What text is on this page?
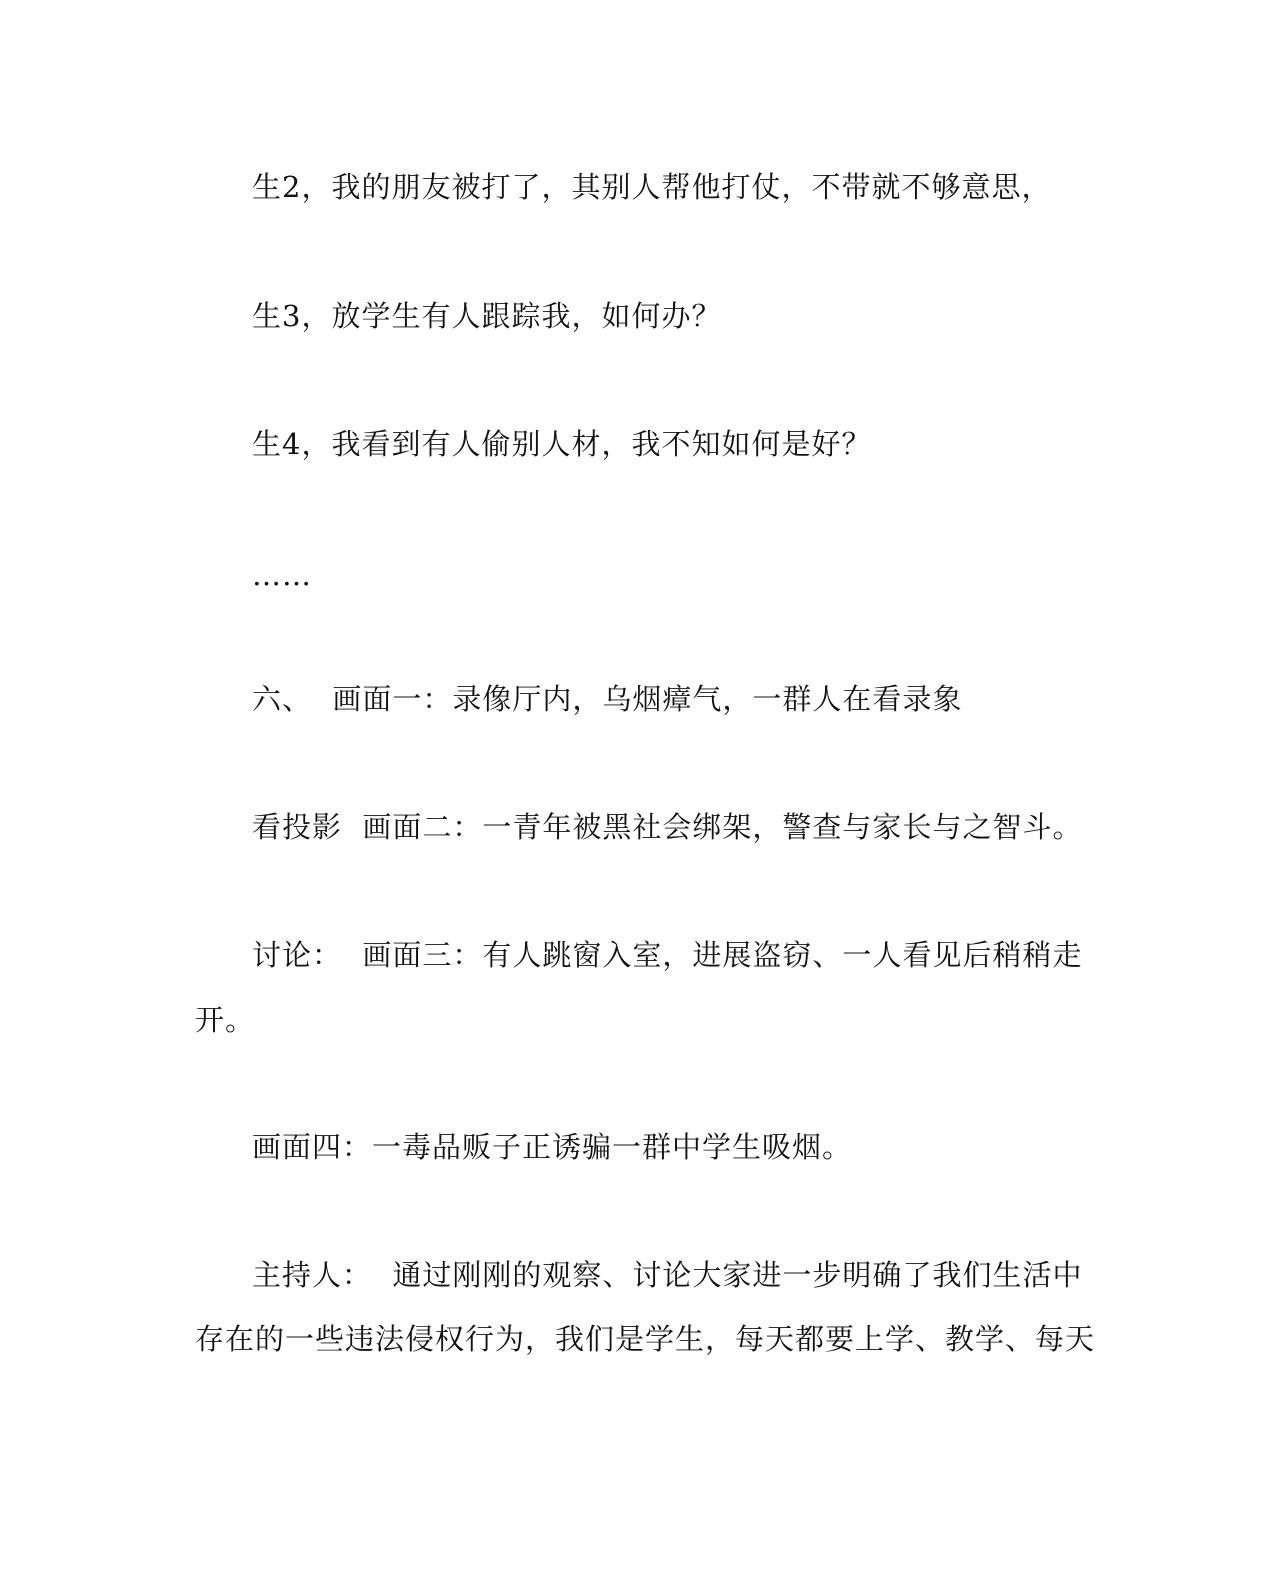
生2，我的朋友被打了，其别人帮他打仗，不带就不够意思，
生3，放学生有人跟踪我，如何办？
生4，我看到有人偷别人材，我不知如何是好？
……
六、  画面一：录像厅内，乌烟瘴气，一群人在看录象
看投影  画面二：一青年被黑社会绑架，警查与家长与之智斗。
讨论：  画面三：有人跳窗入室，进展盗窃、一人看见后稍稍走
开。
画面四：一毒品贩子正诱骗一群中学生吸烟。
主持人：  通过刚刚的观察、讨论大家进一步明确了我们生活中
存在的一些违法侵权行为，我们是学生，每天都要上学、教学、每天
